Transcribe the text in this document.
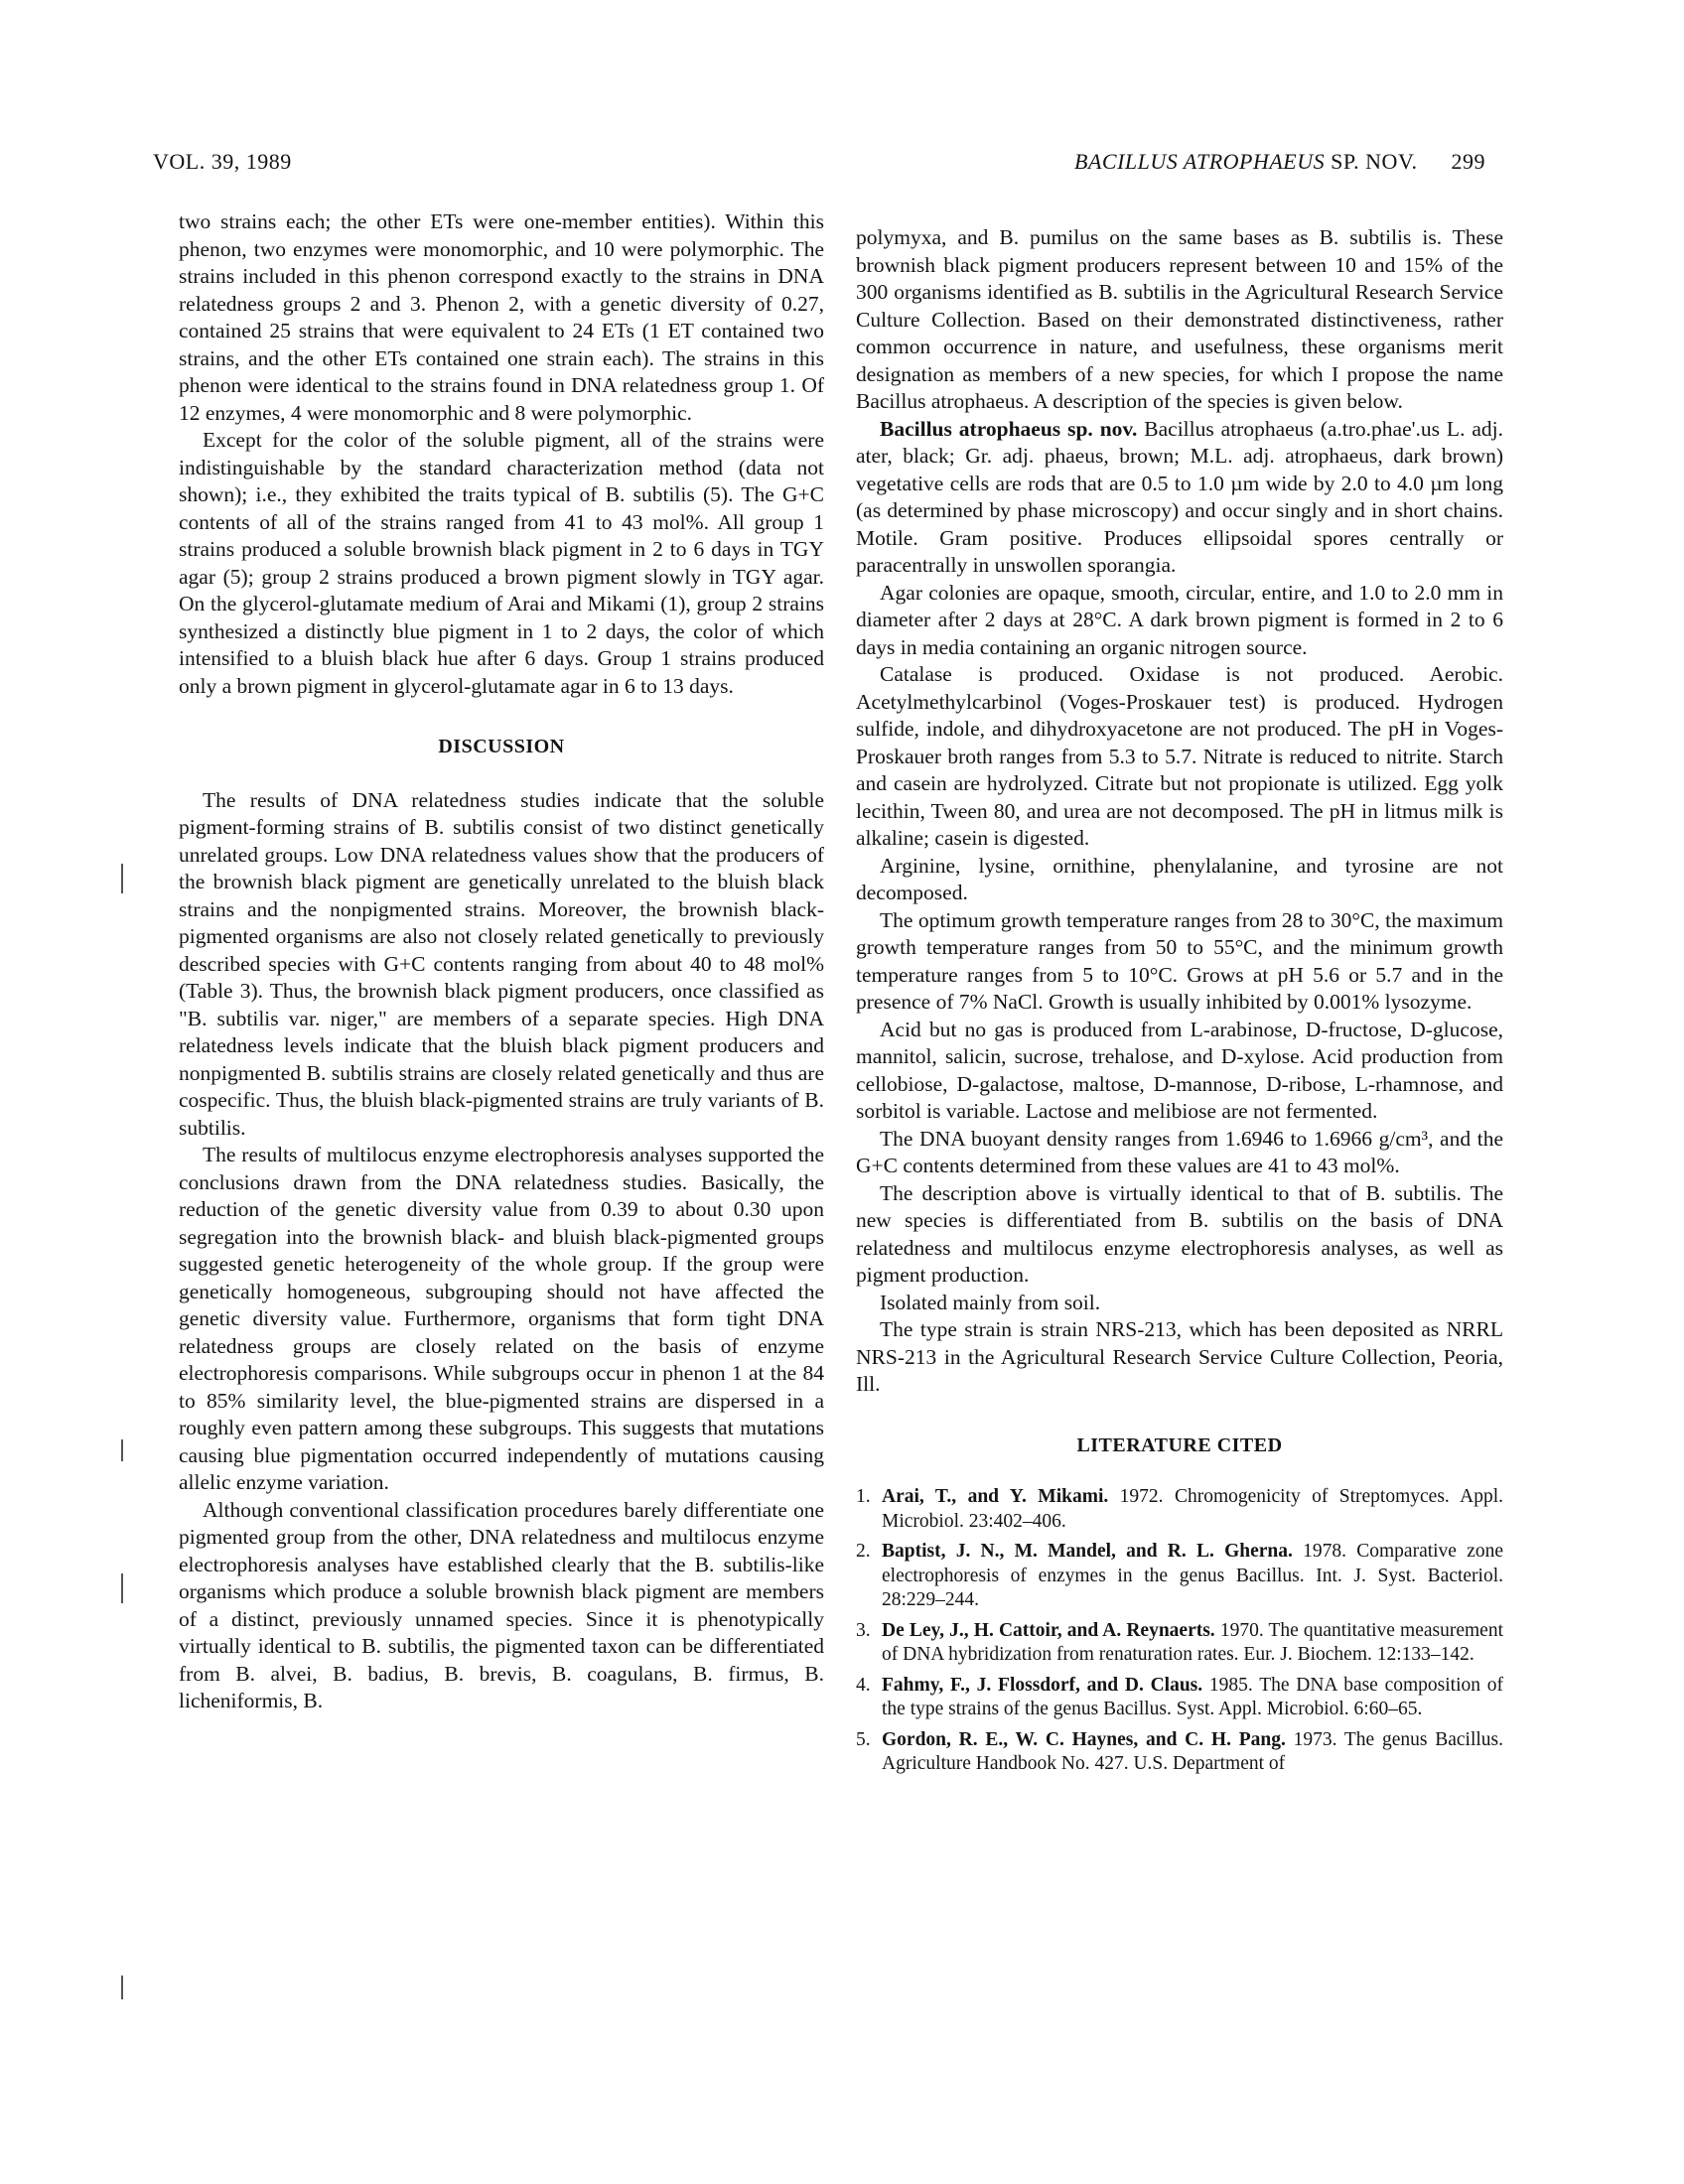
VOL. 39, 1989	BACILLUS ATROPHAEUS SP. NOV. 299

two strains each; the other ETs were one-member entities). Within this phenon, two enzymes were monomorphic, and 10 were polymorphic. The strains included in this phenon correspond exactly to the strains in DNA relatedness groups 2 and 3. Phenon 2, with a genetic diversity of 0.27, contained 25 strains that were equivalent to 24 ETs (1 ET contained two strains, and the other ETs contained one strain each). The strains in this phenon were identical to the strains found in DNA relatedness group 1. Of 12 enzymes, 4 were monomorphic and 8 were polymorphic.

Except for the color of the soluble pigment, all of the strains were indistinguishable by the standard characterization method (data not shown); i.e., they exhibited the traits typical of B. subtilis (5). The G+C contents of all of the strains ranged from 41 to 43 mol%. All group 1 strains produced a soluble brownish black pigment in 2 to 6 days in TGY agar (5); group 2 strains produced a brown pigment slowly in TGY agar. On the glycerol-glutamate medium of Arai and Mikami (1), group 2 strains synthesized a distinctly blue pigment in 1 to 2 days, the color of which intensified to a bluish black hue after 6 days. Group 1 strains produced only a brown pigment in glycerol-glutamate agar in 6 to 13 days.

DISCUSSION

The results of DNA relatedness studies indicate that the soluble pigment-forming strains of B. subtilis consist of two distinct genetically unrelated groups. Low DNA relatedness values show that the producers of the brownish black pigment are genetically unrelated to the bluish black strains and the nonpigmented strains. Moreover, the brownish black-pigmented organisms are also not closely related genetically to previously described species with G+C contents ranging from about 40 to 48 mol% (Table 3). Thus, the brownish black pigment producers, once classified as "B. subtilis var. niger," are members of a separate species. High DNA relatedness levels indicate that the bluish black pigment producers and nonpigmented B. subtilis strains are closely related genetically and thus are cospecific. Thus, the bluish black-pigmented strains are truly variants of B. subtilis.

The results of multilocus enzyme electrophoresis analyses supported the conclusions drawn from the DNA relatedness studies. Basically, the reduction of the genetic diversity value from 0.39 to about 0.30 upon segregation into the brownish black- and bluish black-pigmented groups suggested genetic heterogeneity of the whole group. If the group were genetically homogeneous, subgrouping should not have affected the genetic diversity value. Furthermore, organisms that form tight DNA relatedness groups are closely related on the basis of enzyme electrophoresis comparisons. While subgroups occur in phenon 1 at the 84 to 85% similarity level, the blue-pigmented strains are dispersed in a roughly even pattern among these subgroups. This suggests that mutations causing blue pigmentation occurred independently of mutations causing allelic enzyme variation.

Although conventional classification procedures barely differentiate one pigmented group from the other, DNA relatedness and multilocus enzyme electrophoresis analyses have established clearly that the B. subtilis-like organisms which produce a soluble brownish black pigment are members of a distinct, previously unnamed species. Since it is phenotypically virtually identical to B. subtilis, the pigmented taxon can be differentiated from B. alvei, B. badius, B. brevis, B. coagulans, B. firmus, B. licheniformis, B.

polymyxa, and B. pumilus on the same bases as B. subtilis is. These brownish black pigment producers represent between 10 and 15% of the 300 organisms identified as B. subtilis in the Agricultural Research Service Culture Collection. Based on their demonstrated distinctiveness, rather common occurrence in nature, and usefulness, these organisms merit designation as members of a new species, for which I propose the name Bacillus atrophaeus. A description of the species is given below.

Bacillus atrophaeus sp. nov. Bacillus atrophaeus (a.tro.phae'.us L. adj. ater, black; Gr. adj. phaeus, brown; M.L. adj. atrophaeus, dark brown) vegetative cells are rods that are 0.5 to 1.0 µm wide by 2.0 to 4.0 µm long (as determined by phase microscopy) and occur singly and in short chains. Motile. Gram positive. Produces ellipsoidal spores centrally or paracentrally in unswollen sporangia.

Agar colonies are opaque, smooth, circular, entire, and 1.0 to 2.0 mm in diameter after 2 days at 28°C. A dark brown pigment is formed in 2 to 6 days in media containing an organic nitrogen source.

Catalase is produced. Oxidase is not produced. Aerobic. Acetylmethylcarbinol (Voges-Proskauer test) is produced. Hydrogen sulfide, indole, and dihydroxyacetone are not produced. The pH in Voges-Proskauer broth ranges from 5.3 to 5.7. Nitrate is reduced to nitrite. Starch and casein are hydrolyzed. Citrate but not propionate is utilized. Egg yolk lecithin, Tween 80, and urea are not decomposed. The pH in litmus milk is alkaline; casein is digested.

Arginine, lysine, ornithine, phenylalanine, and tyrosine are not decomposed.

The optimum growth temperature ranges from 28 to 30°C, the maximum growth temperature ranges from 50 to 55°C, and the minimum growth temperature ranges from 5 to 10°C. Grows at pH 5.6 or 5.7 and in the presence of 7% NaCl. Growth is usually inhibited by 0.001% lysozyme.

Acid but no gas is produced from L-arabinose, D-fructose, D-glucose, mannitol, salicin, sucrose, trehalose, and D-xylose. Acid production from cellobiose, D-galactose, maltose, D-mannose, D-ribose, L-rhamnose, and sorbitol is variable. Lactose and melibiose are not fermented.

The DNA buoyant density ranges from 1.6946 to 1.6966 g/cm³, and the G+C contents determined from these values are 41 to 43 mol%.

The description above is virtually identical to that of B. subtilis. The new species is differentiated from B. subtilis on the basis of DNA relatedness and multilocus enzyme electrophoresis analyses, as well as pigment production.

Isolated mainly from soil.

The type strain is strain NRS-213, which has been deposited as NRRL NRS-213 in the Agricultural Research Service Culture Collection, Peoria, Ill.

LITERATURE CITED
1. Arai, T., and Y. Mikami. 1972. Chromogenicity of Streptomyces. Appl. Microbiol. 23:402–406.
2. Baptist, J. N., M. Mandel, and R. L. Gherna. 1978. Comparative zone electrophoresis of enzymes in the genus Bacillus. Int. J. Syst. Bacteriol. 28:229–244.
3. De Ley, J., H. Cattoir, and A. Reynaerts. 1970. The quantitative measurement of DNA hybridization from renaturation rates. Eur. J. Biochem. 12:133–142.
4. Fahmy, F., J. Flossdorf, and D. Claus. 1985. The DNA base composition of the type strains of the genus Bacillus. Syst. Appl. Microbiol. 6:60–65.
5. Gordon, R. E., W. C. Haynes, and C. H. Pang. 1973. The genus Bacillus. Agriculture Handbook No. 427. U.S. Department of
